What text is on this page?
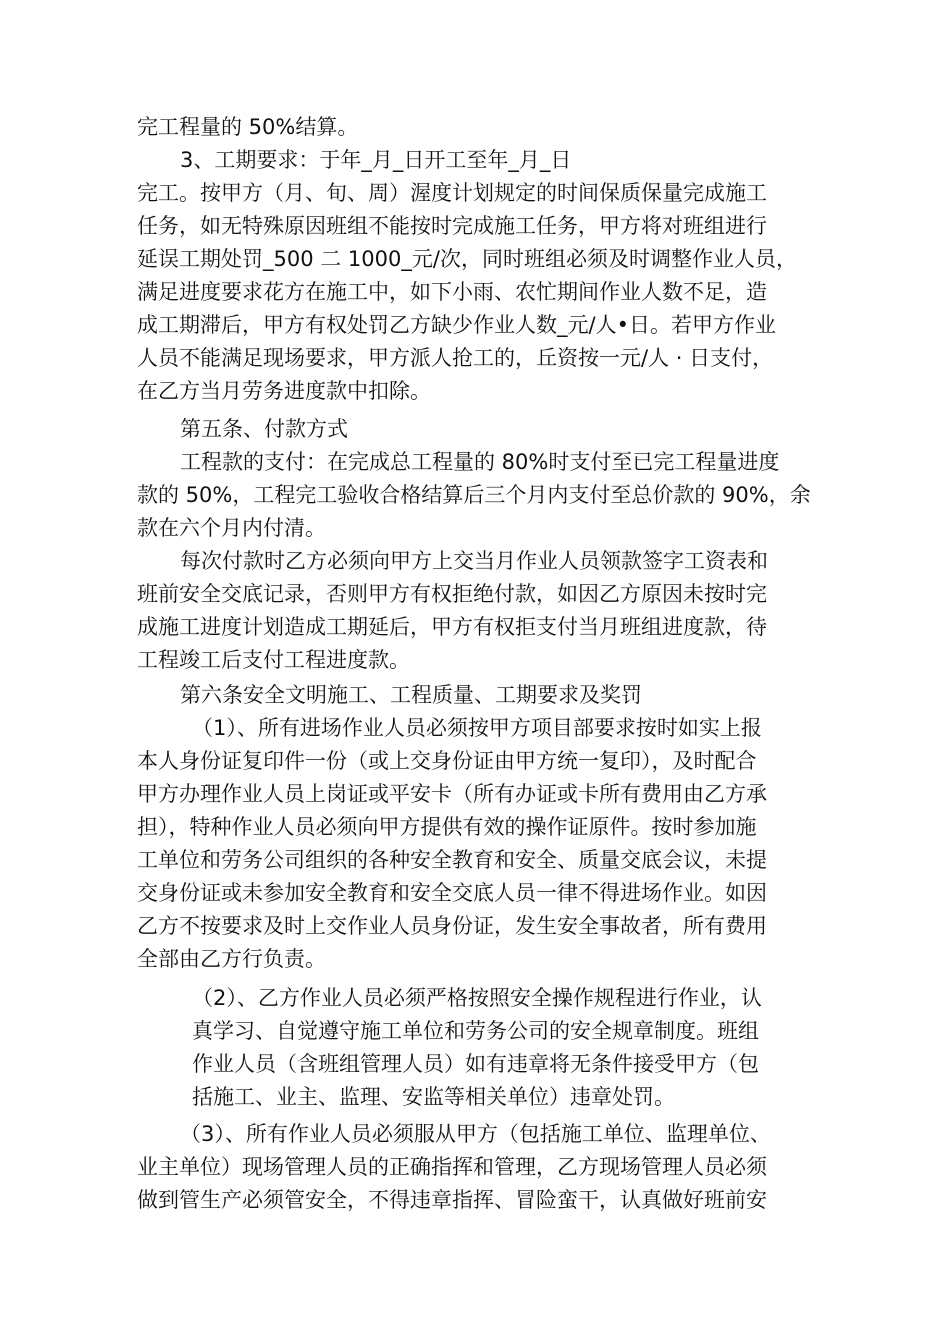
完工程量的 50%结算。
3、工期要求：于年_月_日开工至年_月_日
完工。按甲方（月、旬、周）渥度计划规定的时间保质保量完成施工
任务，如无特殊原因班组不能按时完成施工任务，甲方将对班组进行
延误工期处罚_500 二 1000_元/次，同时班组必须及时调整作业人员，
满足进度要求花方在施工中，如下小雨、农忙期间作业人数不足，造
成工期滞后，甲方有权处罚乙方缺少作业人数_元/人•日。若甲方作业
人员不能满足现场要求，甲方派人抢工的，丘资按一元/人 · 日支付，
在乙方当月劳务进度款中扣除。
第五条、付款方式
工程款的支付：在完成总工程量的 80%时支付至已完工程量进度
款的 50%，工程完工验收合格结算后三个月内支付至总价款的 90%，余
款在六个月内付清。
每次付款时乙方必须向甲方上交当月作业人员领款签字工资表和
班前安全交底记录，否则甲方有权拒绝付款，如因乙方原因未按时完
成施工进度计划造成工期延后，甲方有权拒支付当月班组进度款，待
工程竣工后支付工程进度款。
第六条安全文明施工、工程质量、工期要求及奖罚
（1）、所有进场作业人员必须按甲方项目部要求按时如实上报
本人身份证复印件一份（或上交身份证由甲方统一复印），及时配合
甲方办理作业人员上岗证或平安卡（所有办证或卡所有费用由乙方承
担），特种作业人员必须向甲方提供有效的操作证原件。按时参加施
工单位和劳务公司组织的各种安全教育和安全、质量交底会议，未提
交身份证或未参加安全教育和安全交底人员一律不得进场作业。如因
乙方不按要求及时上交作业人员身份证，发生安全事故者，所有费用
全部由乙方行负责。
（2）、乙方作业人员必须严格按照安全操作规程进行作业，认
真学习、自觉遵守施工单位和劳务公司的安全规章制度。班组
作业人员（含班组管理人员）如有违章将无条件接受甲方（包
括施工、业主、监理、安监等相关单位）违章处罚。
（3）、所有作业人员必须服从甲方（包括施工单位、监理单位、
业主单位）现场管理人员的正确指挥和管理，乙方现场管理人员必须
做到管生产必须管安全，不得违章指挥、冒险蛮干，认真做好班前安
